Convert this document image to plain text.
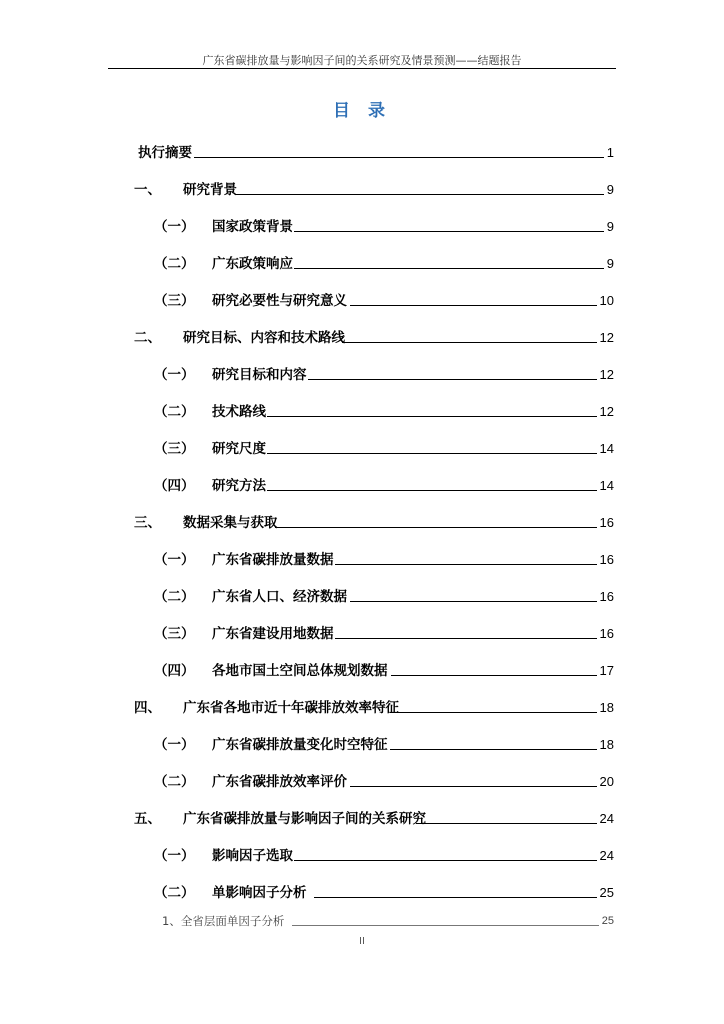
广东省碳排放量与影响因子间的关系研究及情景预测——结题报告
目 录
执行摘要	1
一、 研究背景	9
（一） 国家政策背景	9
（二） 广东政策响应	9
（三） 研究必要性与研究意义	10
二、 研究目标、内容和技术路线	12
（一） 研究目标和内容	12
（二） 技术路线	12
（三） 研究尺度	14
（四） 研究方法	14
三、 数据采集与获取	16
（一） 广东省碳排放量数据	16
（二） 广东省人口、经济数据	16
（三） 广东省建设用地数据	16
（四） 各地市国土空间总体规划数据	17
四、 广东省各地市近十年碳排放效率特征	18
（一） 广东省碳排放量变化时空特征	18
（二） 广东省碳排放效率评价	20
五、 广东省碳排放量与影响因子间的关系研究	24
（一） 影响因子选取	24
（二） 单影响因子分析	25
1、全省层面单因子分析	25
II
